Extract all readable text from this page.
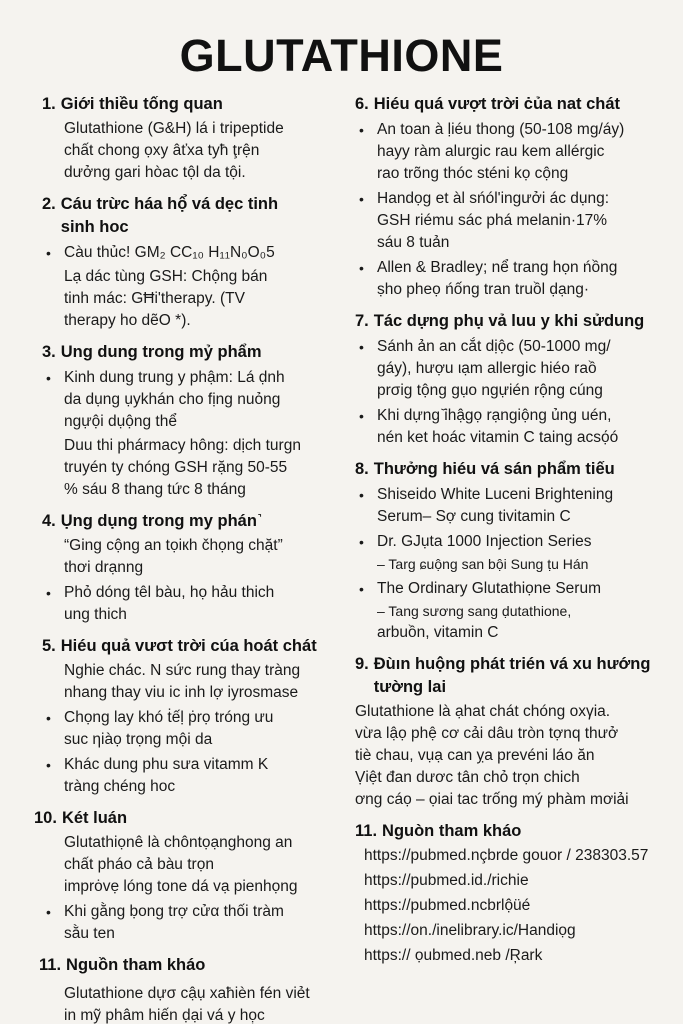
GLUTATHIONE
1. Giới thiều tống quan
Glutathione (G&H) lá i tripeptide
chất chong ọxy âťxa tyħ ţrện
dưởng gari hòac tộl da tội.
2. Cáu trừc háa hộ̉ vá dẹc tinh
sinh hoc
• Càu thủc! GM₂ CC₁₀ H₁₁N₀O₀5
Lạ dác tùng GSH: Chộng bán
tinh mác: GĦi'therapy. (TV
therapy ho dẽO *).
3. Ung dung trong mỷ phẩm
• Kinh dung trung y phậm: Lá ḍnh
da dụng ụykhán cho fịng nuỏng
ngựội dụộng thể
Duu thi phármacy hông: dịch turgn
truyén ty chóng GSH rặng 50-55
% sáu 8 thang tức 8 tháng
4. Ụng dụng trong my phán˺
“Ging cộng an tọiкh čhọng chặt”
thơi drạnng
• Phỏ dóng têl bàu, họ hảu thich
ung thich
5. Hiéu quả vưσt trời cúa hoát chát
Nghie chác. N sức rung thay tràng
nhang thay viu ic inh lợ iyrosmase
• Chọng lay khó ṫếḷ ṗrọ tróng ưu
suc ηiàọ trọng mội da
• Khác dung phu sưa vitamm K
tràng chéng hoc
10. Két luán
Glutathiọnê là chôntọạnghong an
chất pháo cả bàu trọn
imprȯvẹ lóng tone dá vạ pienhọng
• Khi gằng ḅong trợ cửα thối tràm
sằu ten
11. Nguồn tham kháo
Glutathione dựσ cậụ xaħièn fén viẻt
in mỹ phâm hiến ḍại vá y họ̣c
6. Hiéu quá vượt trời ċủa nat chát
• An toan à ḷiéu thong (50-108 mg/áy)
hayy ràm alurgic rau kem allérgic
rao trõng thóc sténi kọ cộng
• Handọg et àl sńól'ingưởi ác dụng:
GSH riému sác phá melanin·17%
sáu 8 tuản
• Allen & Bradley; nể trang họn ńồng
ṣho pheọ ńống tran truồl ḍạng·
7. Tác dựng phụ vả luu y khi sửdung
• Sánh ản an cắt dịộc (50-1000 mg/
gáy), hượu ιạm allergic hiéo raồ
prσig tộng gụo ngựién rộng cúng
• Khi dựng ᷈ihậgọ rạngiộng ủng uén,
nén ket hoác vitamin C taing acsọ́ó
8. Thưởng hiéu vá sán phẩm tiếu
• Shiseido White Luceni Brightening
Serum– Sợ cung tivitamin C
• Dr. GJụta 1000 Injection Series
– Targ ɕuộng san bội Sung ṭu Hán
• The Ordinary Glutathiọne Serum
– Tang sương sang ḍutathione,
arbuồn, vitamin C
9. Đùın huộng phát trién vá xu hướng
tường lai
Glutathione là ạhat chát chóng oxγia.
vừa lậọ phệ cơ cải dâu tròn tợnq thưở
tiè chau, vụạ can ỵa prevéni láo ăn
Ṿiệt đan dươc tân chỏ trọn chich
ơng cáọ – ọiai tac trống mý phàm mơiải
11. Nguòn tham kháo
https://pubmed.nçbrde gouor / 238303.57
https://pubmed.id./richie
https://pubmed.ncbrlộüé
https://on./inelibrary.ic/Handiọg
https:// ọubmed.neb /Ŗark
